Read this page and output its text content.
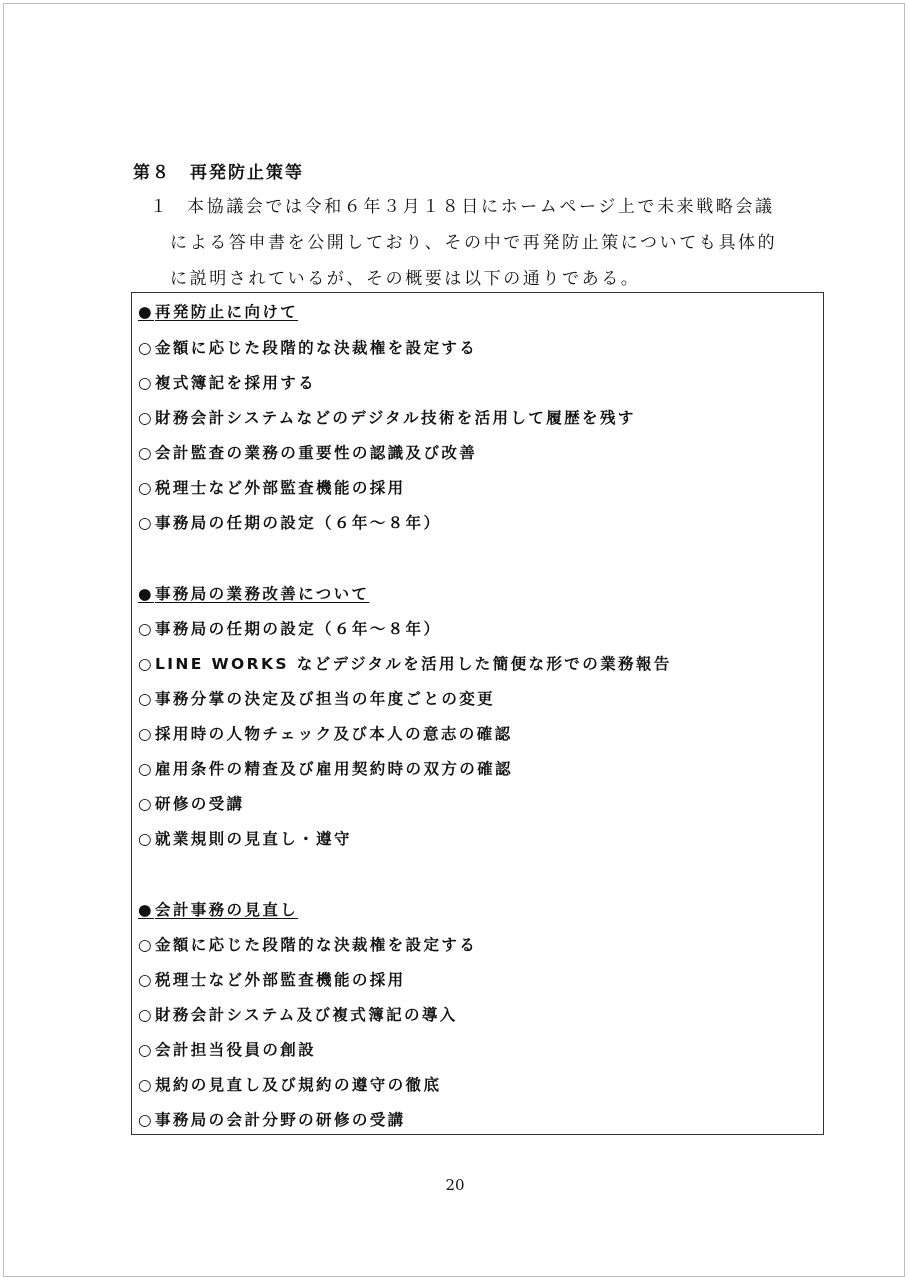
第８　再発防止策等
１ 本協議会では令和６年３月１８日にホームページ上で未来戦略会議
による答申書を公開しており、その中で再発防止策についても具体的
に説明されているが、その概要は以下の通りである。
●再発防止に向けて
○金額に応じた段階的な決裁権を設定する
○複式簿記を採用する
○財務会計システムなどのデジタル技術を活用して履歴を残す
○会計監査の業務の重要性の認識及び改善
○税理士など外部監査機能の採用
○事務局の任期の設定（６年～８年）
●事務局の業務改善について
○事務局の任期の設定（６年～８年）
○LINE WORKS などデジタルを活用した簡便な形での業務報告
○事務分掌の決定及び担当の年度ごとの変更
○採用時の人物チェック及び本人の意志の確認
○雇用条件の精査及び雇用契約時の双方の確認
○研修の受講
○就業規則の見直し・遵守
●会計事務の見直し
○金額に応じた段階的な決裁権を設定する
○税理士など外部監査機能の採用
○財務会計システム及び複式簿記の導入
○会計担当役員の創設
○規約の見直し及び規約の遵守の徹底
○事務局の会計分野の研修の受講
20
